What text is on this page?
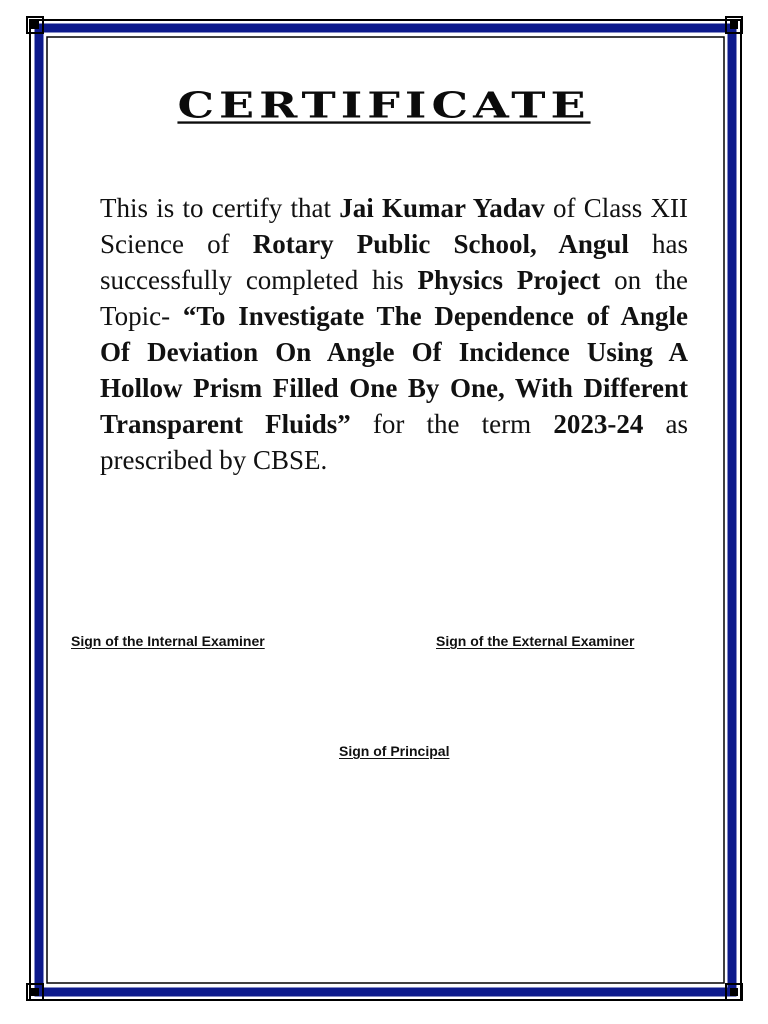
CERTIFICATE

This is to certify that Jai Kumar Yadav of Class XII Science of Rotary Public School, Angul has successfully completed his Physics Project on the Topic- “To Investigate The Dependence of Angle Of Deviation On Angle Of Incidence Using A Hollow Prism Filled One By One, With Different Transparent Fluids” for the term 2023-24 as prescribed by CBSE.

Sign of the Internal Examiner	Sign of the External Examiner
Sign of Principal
